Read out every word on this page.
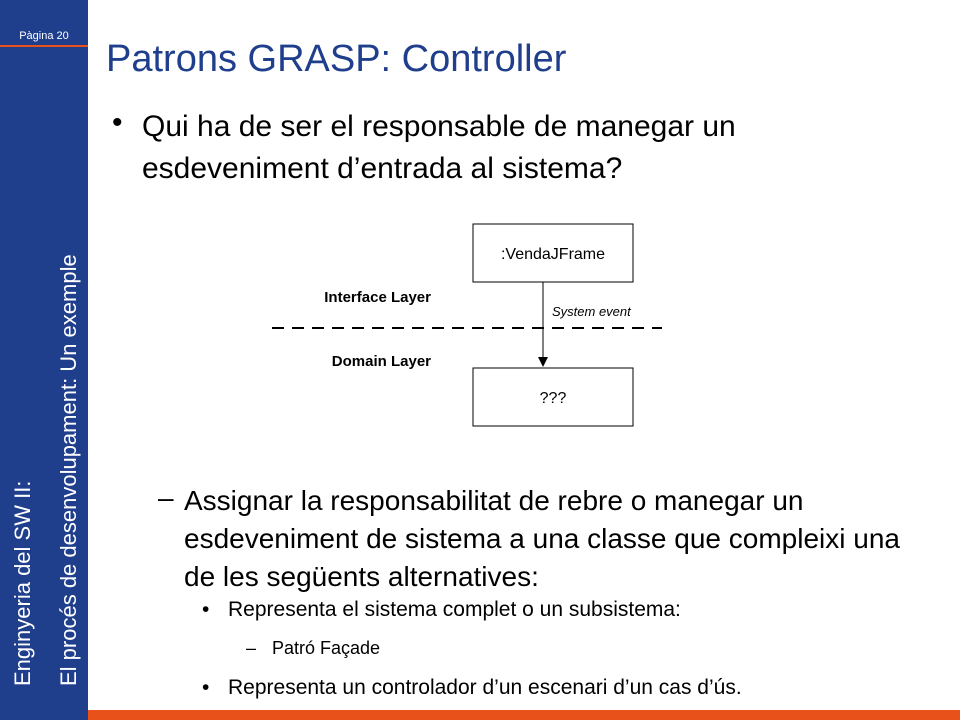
Pàgina 20
Enginyeria del SW II: El procés de desenvolupament: Un exemple
Patrons GRASP: Controller
• Qui ha de ser el responsable de manegar un esdeveniment d’entrada al sistema?
:VendaJFrame
???
System event
Interface Layer
Domain Layer
– Assignar la responsabilitat de rebre o manegar un esdeveniment de sistema a una classe que compleixi una de les següents alternatives:
• Representa el sistema complet o un subsistema:
– Patró Façade
• Representa un controlador d’un escenari d’un cas d’ús.
